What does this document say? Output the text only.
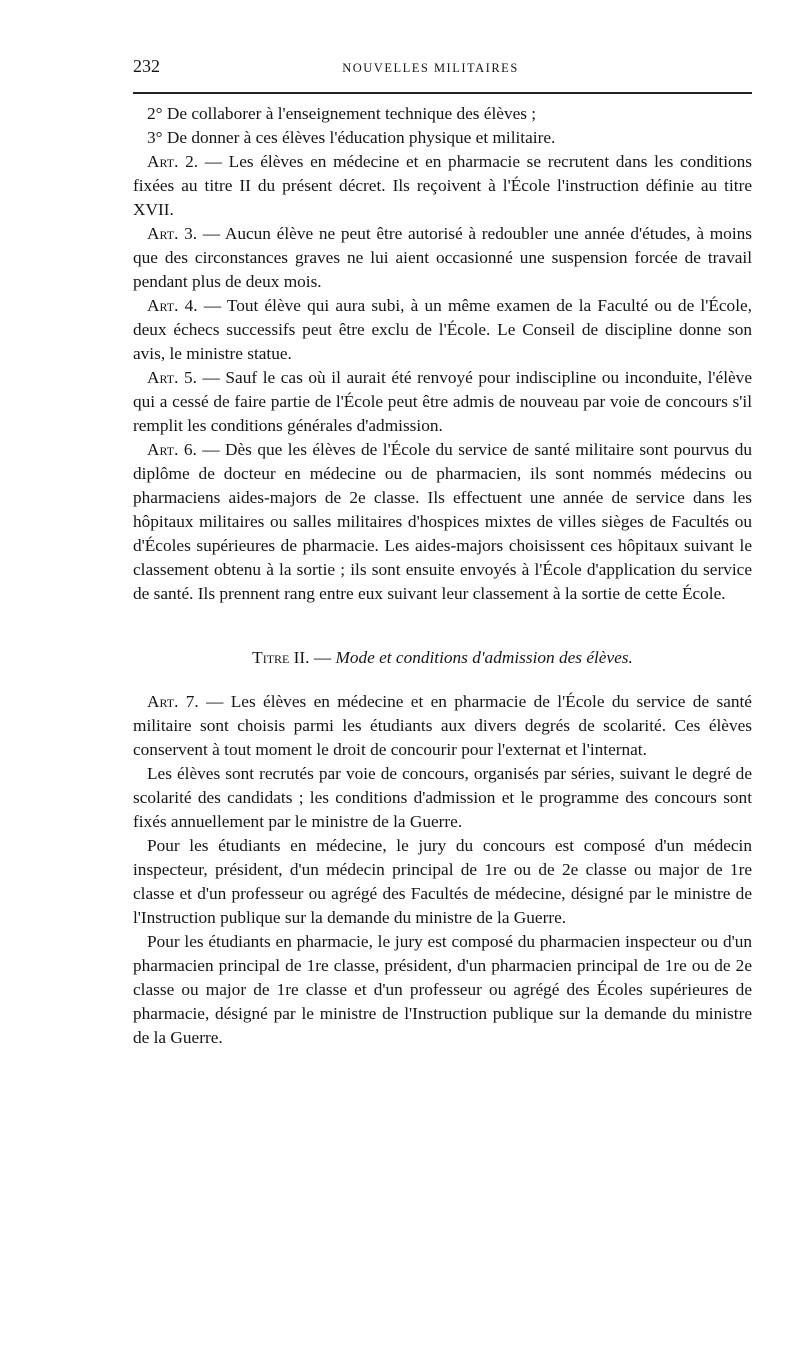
232	NOUVELLES MILITAIRES

2° De collaborer à l'enseignement technique des élèves ;

3° De donner à ces élèves l'éducation physique et militaire.

Art. 2. — Les élèves en médecine et en pharmacie se recrutent dans les conditions fixées au titre II du présent décret. Ils reçoivent à l'École l'instruction définie au titre XVII.

Art. 3. — Aucun élève ne peut être autorisé à redoubler une année d'études, à moins que des circonstances graves ne lui aient occasionné une suspension forcée de travail pendant plus de deux mois.

Art. 4. — Tout élève qui aura subi, à un même examen de la Faculté ou de l'École, deux échecs successifs peut être exclu de l'École. Le Conseil de discipline donne son avis, le ministre statue.

Art. 5. — Sauf le cas où il aurait été renvoyé pour indiscipline ou inconduite, l'élève qui a cessé de faire partie de l'École peut être admis de nouveau par voie de concours s'il remplit les conditions générales d'admission.

Art. 6. — Dès que les élèves de l'École du service de santé militaire sont pourvus du diplôme de docteur en médecine ou de pharmacien, ils sont nommés médecins ou pharmaciens aides-majors de 2e classe. Ils effectuent une année de service dans les hôpitaux militaires ou salles militaires d'hospices mixtes de villes sièges de Facultés ou d'Écoles supérieures de pharmacie. Les aides-majors choisissent ces hôpitaux suivant le classement obtenu à la sortie ; ils sont ensuite envoyés à l'École d'application du service de santé. Ils prennent rang entre eux suivant leur classement à la sortie de cette École.

Titre II. — Mode et conditions d'admission des élèves.

Art. 7. — Les élèves en médecine et en pharmacie de l'École du service de santé militaire sont choisis parmi les étudiants aux divers degrés de scolarité. Ces élèves conservent à tout moment le droit de concourir pour l'externat et l'internat.

Les élèves sont recrutés par voie de concours, organisés par séries, suivant le degré de scolarité des candidats ; les conditions d'admission et le programme des concours sont fixés annuellement par le ministre de la Guerre.

Pour les étudiants en médecine, le jury du concours est composé d'un médecin inspecteur, président, d'un médecin principal de 1re ou de 2e classe ou major de 1re classe et d'un professeur ou agrégé des Facultés de médecine, désigné par le ministre de l'Instruction publique sur la demande du ministre de la Guerre.

Pour les étudiants en pharmacie, le jury est composé du pharmacien inspecteur ou d'un pharmacien principal de 1re classe, président, d'un pharmacien principal de 1re ou de 2e classe ou major de 1re classe et d'un professeur ou agrégé des Écoles supérieures de pharmacie, désigné par le ministre de l'Instruction publique sur la demande du ministre de la Guerre.
